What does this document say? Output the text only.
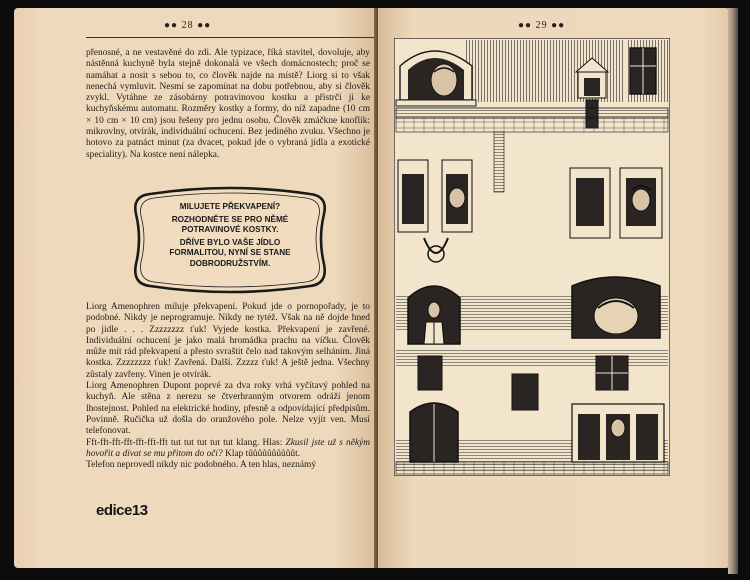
●● 28 ●●

přenosné, a ne vestavěné do zdi. Ale typizace, říká stavitel, dovoluje, aby nástěnná kuchyně byla stejně dokonalá ve všech domácnostech; proč se namáhat a nosit s sebou to, co člověk najde na místě? Liorg si to však nenechá vymluvit. Nesmí se zapomínat na dobu potřebnou, aby si člověk zvykl. Vytáhne ze zásobárny potravinovou kostku a přistrčí ji ke kuchyňskému automatu. Rozměry kostky a formy, do níž zapadne (10 cm × 10 cm × 10 cm) jsou řešeny pro jednu osobu. Člověk zmáčkne knoflík: mikrovlny, otvírák, individuální ochucení. Bez jediného zvuku. Všechno je hotovo za patnáct minut (za dvacet, pokud jde o vybraná jídla a exotické speciality). Na kostce není nálepka.

MILUJETE PŘEKVAPENÍ?
ROZHODNĚTE SE PRO NĚMÉ POTRAVINOVÉ KOSTKY.
DŘÍVE BYLO VAŠE JÍDLO FORMALITOU, NYNÍ SE STANE DOBRODRUŽSTVÍM.

Liorg Amenophren miluje překvapení. Pokud jde o pornopořady, je to podobné. Nikdy je neprogramuje. Nikdy ne tytéž. Však na ně dojde hned po jídle . . . Zzzzzzzz ťuk! Vyjede kostka. Překvapení je zavřené. Individuální ochucení je jako malá hromádka prachu na víčku. Člověk může mít rád překvapení a přesto svraštit čelo nad takovým selháním. Jiná kostka. Zzzzzzzz ťuk! Zavřená. Další. Zzzzz ťuk! A ještě jedna. Všechny zůstaly zavřeny. Vinen je otvírák.

Liorg Amenophren Dupont poprvé za dva roky vrhá vyčítavý pohled na kuchyň. Ale stěna z nerezu se čtverhranným otvorem odráží jenom lhostejnost. Pohled na elektrické hodiny, přesně a odpovídající předpisům. Povinně. Ručička už došla do oranžového pole. Nelze vyjít ven. Musí telefonovat.

Fft-fft-fft-fft-fft-fft-fft tut tut tut tut tut klang. Hlas: Zkusil jste už s někým hovořit a dívat se mu přitom do očí? Klap tůůůůůůůůůůt.

Telefon neprovedl nikdy nic podobného. A ten hlas, neznámý

edice13
●● 29 ●●
